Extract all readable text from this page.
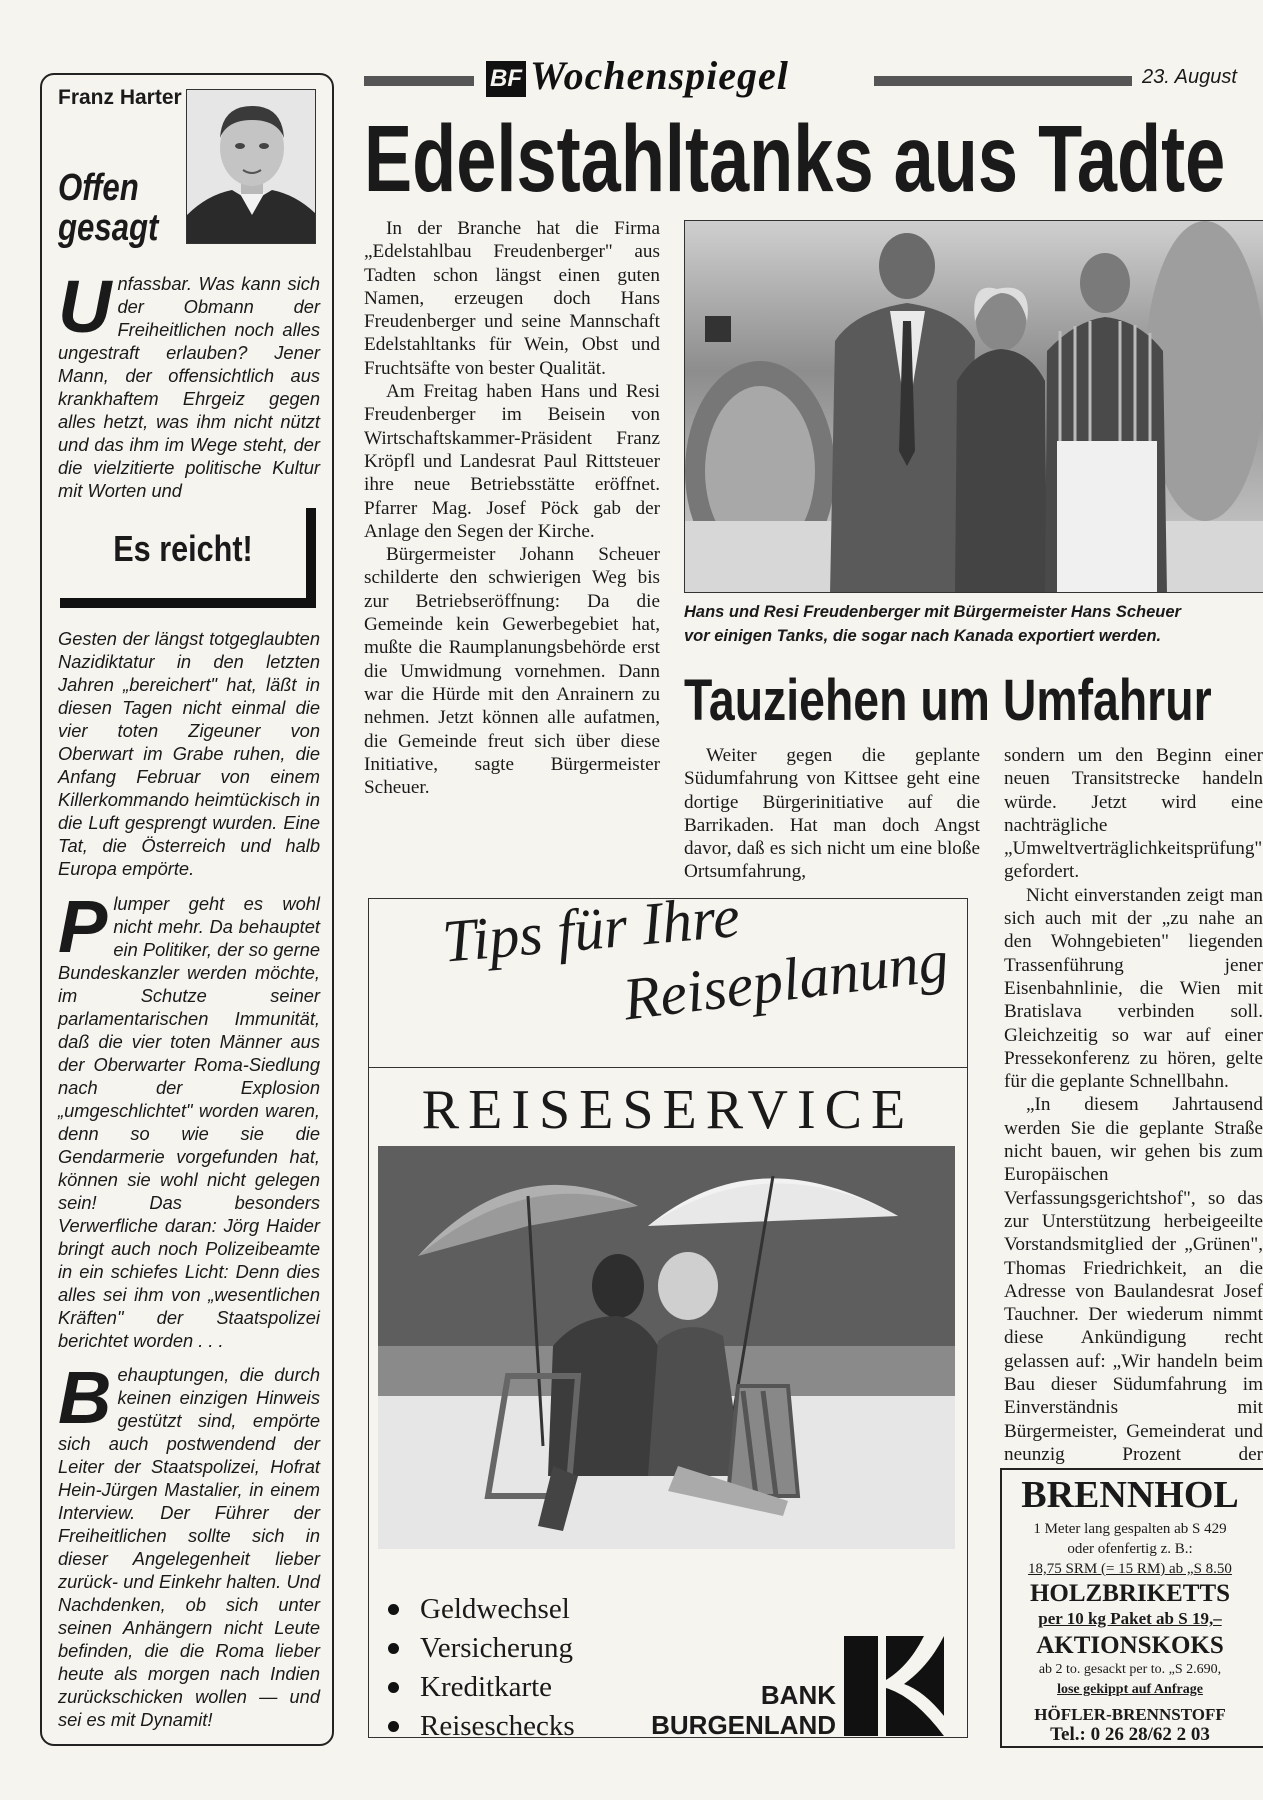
Franz Harter
Offen
gesagt
Unfassbar. Was kann sich der Obmann der Freiheitlichen noch alles ungestraft erlauben? Jener Mann, der offensichtlich aus krankhaftem Ehrgeiz gegen alles hetzt, was ihm nicht nützt und das ihm im Wege steht, der die vielzitierte politische Kultur mit Worten und
Es reicht!
Gesten der längst totgeglaubten Nazidiktatur in den letzten Jahren „bereichert" hat, läßt in diesen Tagen nicht einmal die vier toten Zigeuner von Oberwart im Grabe ruhen, die Anfang Februar von einem Killerkommando heimtückisch in die Luft gesprengt wurden. Eine Tat, die Österreich und halb Europa empörte.
Plumper geht es wohl nicht mehr. Da behauptet ein Politiker, der so gerne Bundeskanzler werden möchte, im Schutze seiner parlamentarischen Immunität, daß die vier toten Männer aus der Oberwarter Roma-Siedlung nach der Explosion „umgeschlichtet" worden waren, denn so wie sie die Gendarmerie vorgefunden hat, können sie wohl nicht gelegen sein! Das besonders Verwerfliche daran: Jörg Haider bringt auch noch Polizeibeamte in ein schiefes Licht: Denn dies alles sei ihm von „wesentlichen Kräften" der Staatspolizei berichtet worden . . .
Behauptungen, die durch keinen einzigen Hinweis gestützt sind, empörte sich auch postwendend der Leiter der Staatspolizei, Hofrat Hein-Jürgen Mastalier, in einem Interview. Der Führer der Freiheitlichen sollte sich in dieser Angelegenheit lieber zurück- und Einkehr halten. Und Nachdenken, ob sich unter seinen Anhängern nicht Leute befinden, die die Roma lieber heute als morgen nach Indien zurückschicken wollen — und sei es mit Dynamit!
BF Wochenspiegel	23. August
Edelstahltanks aus Tadte

In der Branche hat die Firma „Edelstahlbau Freudenberger" aus Tadten schon längst einen guten Namen, erzeugen doch Hans Freudenberger und seine Mannschaft Edelstahltanks für Wein, Obst und Fruchtsäfte von bester Qualität.

Am Freitag haben Hans und Resi Freudenberger im Beisein von Wirtschaftskammer-Präsident Franz Kröpfl und Landesrat Paul Rittsteuer ihre neue Betriebsstätte eröffnet. Pfarrer Mag. Josef Pöck gab der Anlage den Segen der Kirche.

Bürgermeister Johann Scheuer schilderte den schwierigen Weg bis zur Betriebseröffnung: Da die Gemeinde kein Gewerbegebiet hat, mußte die Raumplanungsbehörde erst die Umwidmung vornehmen. Dann war die Hürde mit den Anrainern zu nehmen. Jetzt können alle aufatmen, die Gemeinde freut sich über diese Initiative, sagte Bürgermeister Scheuer.

Hans und Resi Freudenberger mit Bürgermeister Hans Scheuer
vor einigen Tanks, die sogar nach Kanada exportiert werden.
Tauziehen um Umfahrur

Weiter gegen die geplante Südumfahrung von Kittsee geht eine dortige Bürgerinitiative auf die Barrikaden. Hat man doch Angst davor, daß es sich nicht um eine bloße Ortsumfahrung,

sondern um den Beginn einer neuen Transitstrecke handeln würde. Jetzt wird eine nachträgliche „Umweltverträglichkeitsprüfung" gefordert.

Nicht einverstanden zeigt man sich auch mit der „zu nahe an den Wohngebieten" liegenden Trassenführung jener Eisenbahnlinie, die Wien mit Bratislava verbinden soll. Gleichzeitig so war auf einer Pressekonferenz zu hören, gelte für die geplante Schnellbahn.

„In diesem Jahrtausend werden Sie die geplante Straße nicht bauen, wir gehen bis zum Europäischen Verfassungsgerichtshof", so das zur Unterstützung herbeigeeilte Vorstandsmitglied der „Grünen", Thomas Friedrichkeit, an die Adresse von Baulandesrat Josef Tauchner. Der wiederum nimmt diese Ankündigung recht gelassen auf: „Wir handeln beim Bau dieser Südumfahrung im Einverständnis mit Bürgermeister, Gemeinderat und neunzig Prozent der

Tips für Ihre
Reiseplanung
REISESERVICE
Geldwechsel
Versicherung
Kreditkarte
Reiseschecks
BANK
BURGENLAND
BRENNHOL
1 Meter lang gespalten ab S 429
oder ofenfertig z. B.:
18,75 SRM (= 15 RM) ab „S 8.50
HOLZBRIKETTS
per 10 kg Paket ab S 19,–
AKTIONSKOKS
ab 2 to. gesackt per to. „S 2.690,
lose gekippt auf Anfrage
HÖFLER-BRENNSTOFF
Tel.: 0 26 28/62 2 03
